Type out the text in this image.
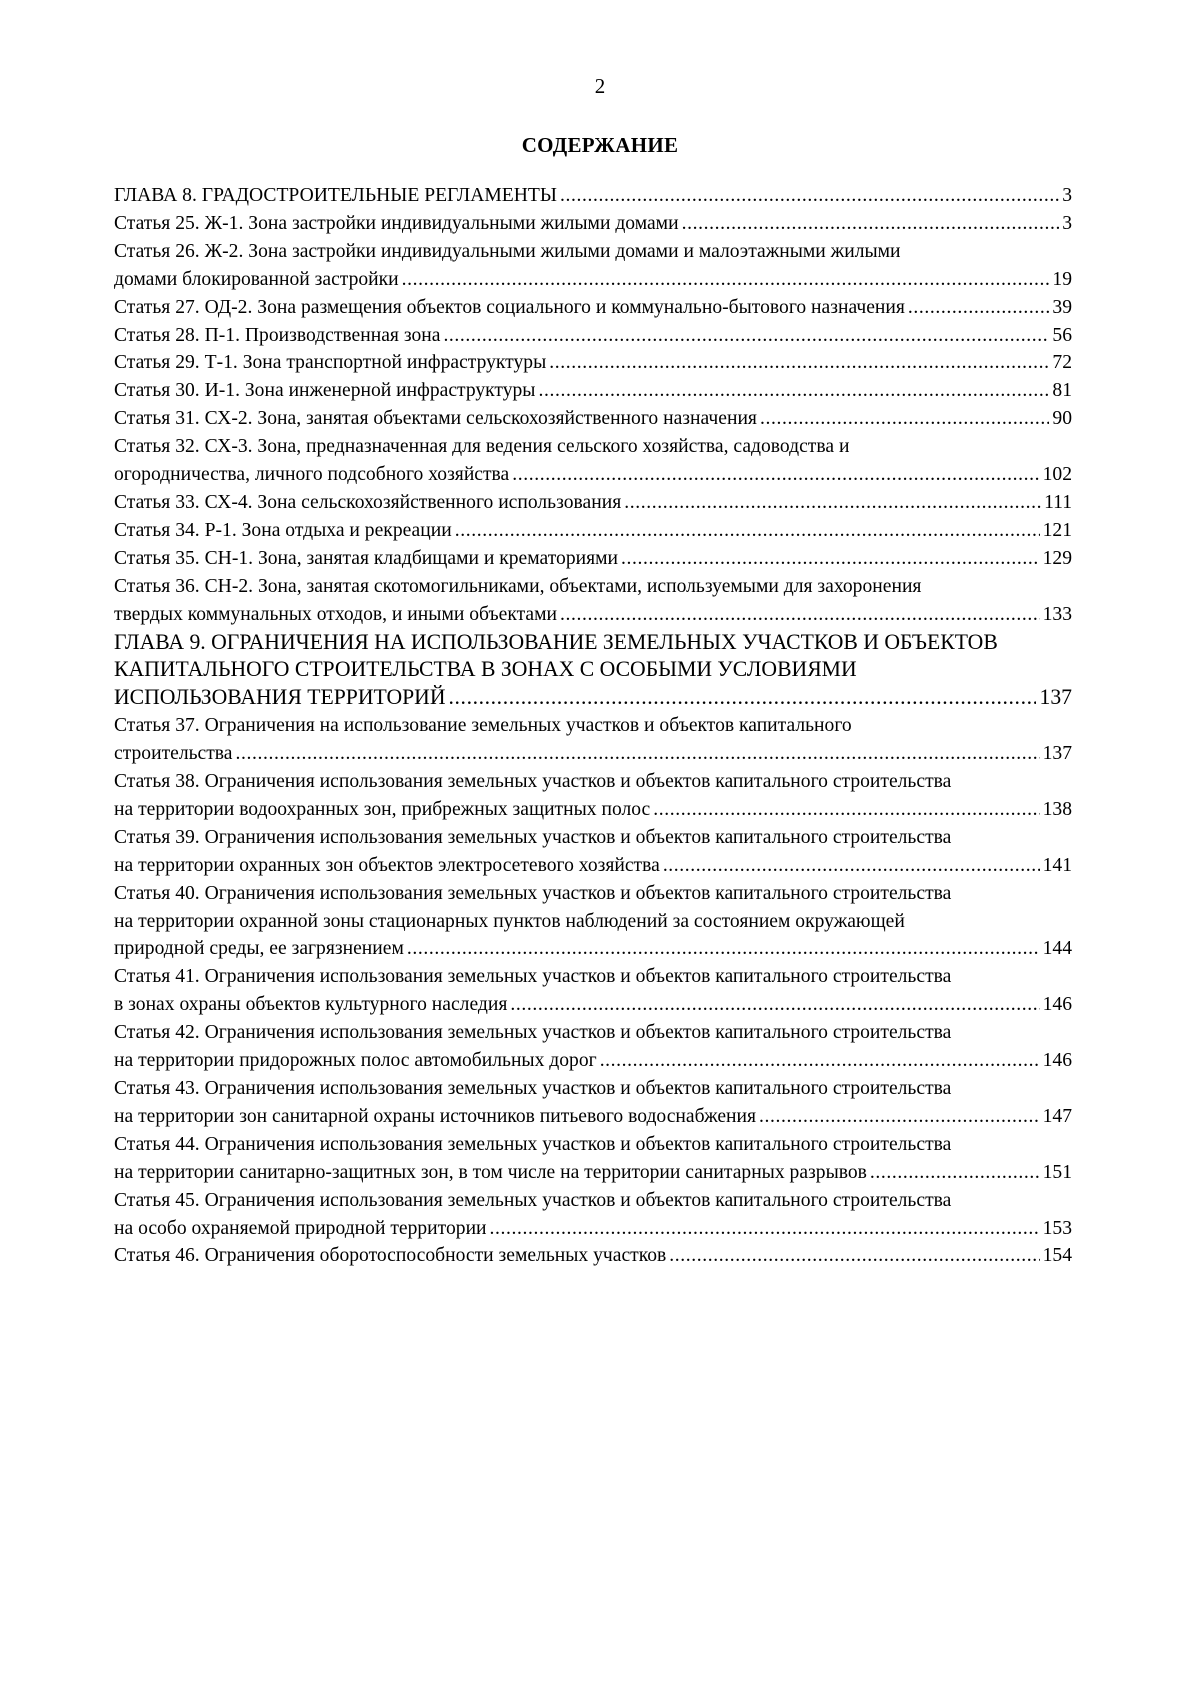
2
СОДЕРЖАНИЕ
ГЛАВА 8. ГРАДОСТРОИТЕЛЬНЫЕ РЕГЛАМЕНТЫ .....	3
Статья 25. Ж-1. Зона застройки индивидуальными жилыми домами .....	3
Статья 26. Ж-2. Зона застройки индивидуальными жилыми домами и малоэтажными жилыми
домами блокированной застройки .....	19
Статья 27. ОД-2. Зона размещения объектов социального и коммунально-бытового назначения .....	39
Статья 28. П-1. Производственная зона .....	56
Статья 29. Т-1. Зона транспортной инфраструктуры .....	72
Статья 30. И-1. Зона инженерной инфраструктуры .....	81
Статья 31. СХ-2. Зона, занятая объектами сельскохозяйственного назначения .....	90
Статья 32. СХ-3. Зона, предназначенная для ведения сельского хозяйства, садоводства и
огородничества, личного подсобного хозяйства .....	102
Статья 33. СХ-4. Зона сельскохозяйственного использования .....	111
Статья 34. Р-1. Зона отдыха и рекреации .....	121
Статья 35. СН-1. Зона, занятая кладбищами и крематориями .....	129
Статья 36. СН-2. Зона, занятая скотомогильниками, объектами, используемыми для захоронения
твердых коммунальных отходов, и иными объектами .....	133
ГЛАВА 9. ОГРАНИЧЕНИЯ НА ИСПОЛЬЗОВАНИЕ ЗЕМЕЛЬНЫХ УЧАСТКОВ И ОБЪЕКТОВ
КАПИТАЛЬНОГО СТРОИТЕЛЬСТВА В ЗОНАХ С ОСОБЫМИ УСЛОВИЯМИ
ИСПОЛЬЗОВАНИЯ ТЕРРИТОРИЙ .....	137
Статья 37. Ограничения на использование земельных участков и объектов капитального
строительства .....	137
Статья 38. Ограничения использования земельных участков и объектов капитального строительства
на территории водоохранных зон, прибрежных защитных полос .....	138
Статья 39. Ограничения использования земельных участков и объектов капитального строительства
на территории охранных зон объектов электросетевого хозяйства .....	141
Статья 40. Ограничения использования земельных участков и объектов капитального строительства
на территории охранной зоны стационарных пунктов наблюдений за состоянием окружающей
природной среды, ее загрязнением .....	144
Статья 41. Ограничения использования земельных участков и объектов капитального строительства
в зонах охраны объектов культурного наследия .....	146
Статья 42. Ограничения использования земельных участков и объектов капитального строительства
на территории придорожных полос автомобильных дорог .....	146
Статья 43. Ограничения использования земельных участков и объектов капитального строительства
на территории зон санитарной охраны источников питьевого водоснабжения .....	147
Статья 44. Ограничения использования земельных участков и объектов капитального строительства
на территории санитарно-защитных зон, в том числе на территории санитарных разрывов .....	151
Статья 45. Ограничения использования земельных участков и объектов капитального строительства
на особо охраняемой природной территории .....	153
Статья 46. Ограничения оборотоспособности земельных участков .....	154
